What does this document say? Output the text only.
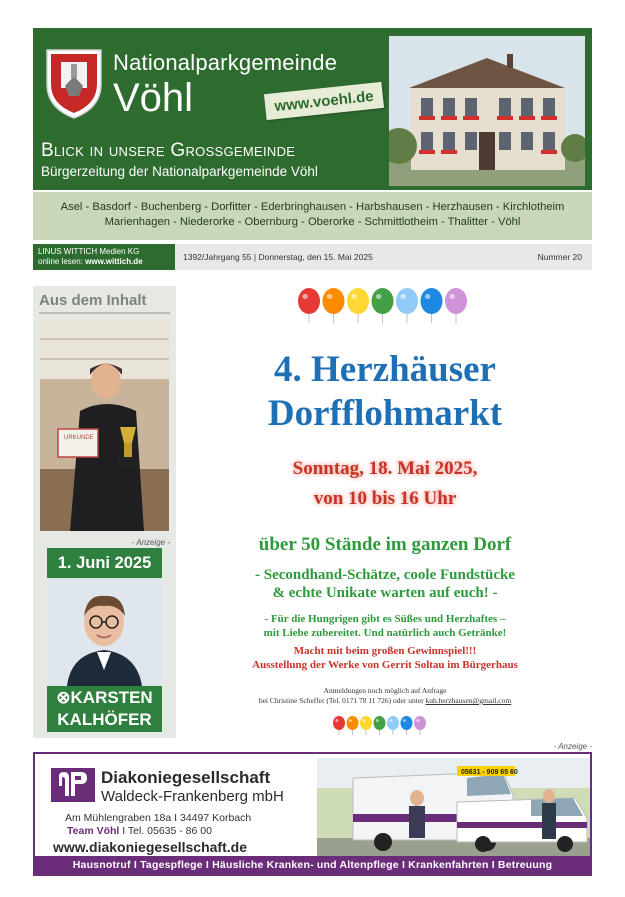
Nationalparkgemeinde
Vöhl	www.voehl.de
Blick in unsere Grossgemeinde
Bürgerzeitung der Nationalparkgemeinde Vöhl
Asel - Basdorf - Buchenberg - Dorfitter - Ederbringhausen - Harbshausen - Herzhausen - Kirchlotheim
Marienhagen - Niederorke - Obernburg - Oberorke - Schmittlotheim - Thalitter - Vöhl
LINUS WITTICH Medien KG
online lesen: www.wittich.de	1392/Jahrgang 55 | Donnerstag, den 15. Mai 2025	Nummer 20
Aus dem Inhalt
URKUNDE
- Anzeige -
1. Juni 2025
⊗KARSTEN
KALHÖFER
4. Herzhäuser
Dorfflohmarkt
Sonntag, 18. Mai 2025,
von 10 bis 16 Uhr
über 50 Stände im ganzen Dorf
- Secondhand-Schätze, coole Fundstücke
& echte Unikate warten auf euch! -
- Für die Hungrigen gibt es Süßes und Herzhaftes –
mit Liebe zubereitet. Und natürlich auch Getränke!
Macht mit beim großen Gewinnspiel!!!
Ausstellung der Werke von Gerrit Soltau im Bürgerhaus
Anmeldungen noch möglich auf Anfrage
bei Christine Scheffer (Tel. 0171 78 11 726) oder unter kuh.herzhausen@gmail.com
- Anzeige -
Diakoniegesellschaft
Waldeck-Frankenberg mbH
Am Mühlengraben 18a I 34497 Korbach
Team Vöhl I Tel. 05635 - 86 00
www.diakoniegesellschaft.de
05631 - 909 65 60
Hausnotruf I Tagespflege I Häusliche Kranken- und Altenpflege I Krankenfahrten I Betreuung
